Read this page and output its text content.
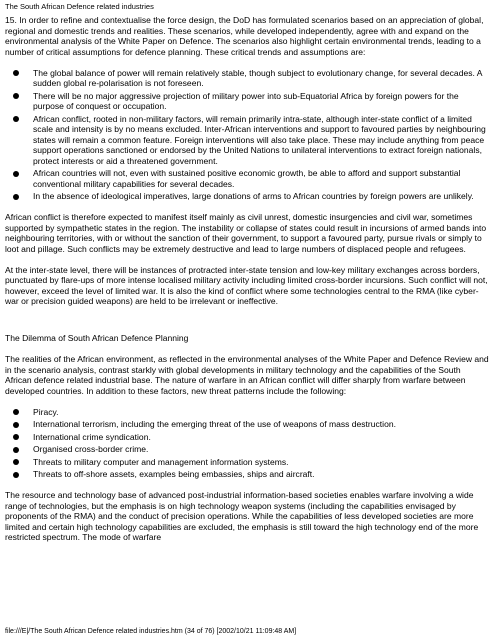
The South African Defence related industries

15. In order to refine and contextualise the force design, the DoD has formulated scenarios based on an appreciation of global, regional and domestic trends and realities. These scenarios, while developed independently, agree with and expand on the environmental analysis of the White Paper on Defence. The scenarios also highlight certain environmental trends, leading to a number of critical assumptions for defence planning. These critical trends and assumptions are:

The global balance of power will remain relatively stable, though subject to evolutionary change, for several decades. A sudden global re-polarisation is not foreseen.
There will be no major aggressive projection of military power into sub-Equatorial Africa by foreign powers for the purpose of conquest or occupation.
African conflict, rooted in non-military factors, will remain primarily intra-state, although inter-state conflict of a limited scale and intensity is by no means excluded. Inter-African interventions and support to favoured parties by neighbouring states will remain a common feature. Foreign interventions will also take place. These may include anything from peace support operations sanctioned or endorsed by the United Nations to unilateral interventions to extract foreign nationals, protect interests or aid a threatened government.
African countries will not, even with sustained positive economic growth, be able to afford and support substantial conventional military capabilities for several decades.
In the absence of ideological imperatives, large donations of arms to African countries by foreign powers are unlikely.

African conflict is therefore expected to manifest itself mainly as civil unrest, domestic insurgencies and civil war, sometimes supported by sympathetic states in the region. The instability or collapse of states could result in incursions of armed bands into neighbouring territories, with or without the sanction of their government, to support a favoured party, pursue rivals or simply to loot and pillage. Such conflicts may be extremely destructive and lead to large numbers of displaced people and refugees.

At the inter-state level, there will be instances of protracted inter-state tension and low-key military exchanges across borders, punctuated by flare-ups of more intense localised military activity including limited cross-border incursions. Such conflict will not, however, exceed the level of limited war. It is also the kind of conflict where some technologies central to the RMA (like cyber-war or precision guided weapons) are held to be irrelevant or ineffective.

The Dilemma of South African Defence Planning

The realities of the African environment, as reflected in the environmental analyses of the White Paper and Defence Review and in the scenario analysis, contrast starkly with global developments in military technology and the capabilities of the South African defence related industrial base. The nature of warfare in an African conflict will differ sharply from warfare between developed countries. In addition to these factors, new threat patterns include the following:

Piracy.
International terrorism, including the emerging threat of the use of weapons of mass destruction.
International crime syndication.
Organised cross-border crime.
Threats to military computer and management information systems.
Threats to off-shore assets, examples being embassies, ships and aircraft.

The resource and technology base of advanced post-industrial information-based societies enables warfare involving a wide range of technologies, but the emphasis is on high technology weapon systems (including the capabilities envisaged by proponents of the RMA) and the conduct of precision operations. While the capabilities of less developed societies are more limited and certain high technology capabilities are excluded, the emphasis is still toward the high technology end of the more restricted spectrum. The mode of warfare

file:///E|/The South African Defence related industries.htm (34 of 76) [2002/10/21 11:09:48 AM]
